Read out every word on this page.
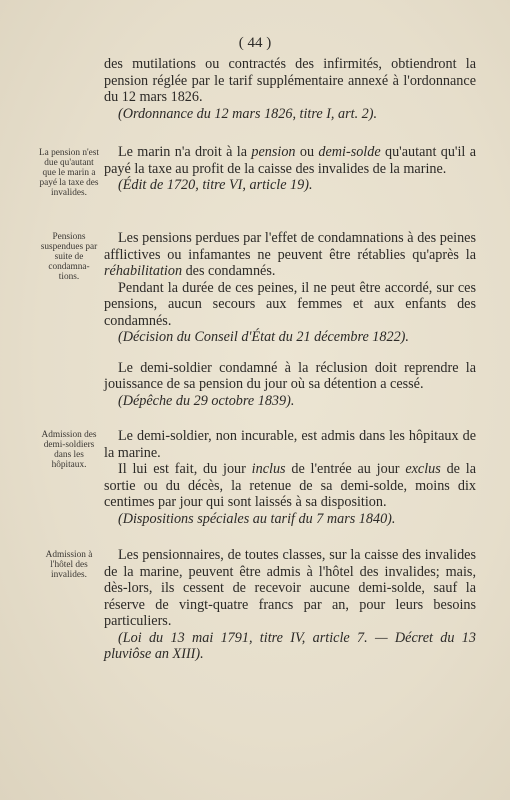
( 44 )

des mutilations ou contractés des infirmités, obtiendront la pension réglée par le tarif supplémentaire annexé à l'ordonnance du 12 mars 1826.

(Ordonnance du 12 mars 1826, titre I, art. 2).

La pension n'est due qu'autant que le marin a payé la taxe des invalides.

Le marin n'a droit à la pension ou demi-solde qu'autant qu'il a payé la taxe au profit de la caisse des invalides de la marine.

(Édit de 1720, titre VI, article 19).

Pensions suspendues par suite de condamna- tions.

Les pensions perdues par l'effet de condamnations à des peines afflictives ou infamantes ne peuvent être rétablies qu'après la réhabilitation des condamnés.

Pendant la durée de ces peines, il ne peut être accordé, sur ces pensions, aucun secours aux femmes et aux enfants des condamnés.

(Décision du Conseil d'État du 21 décembre 1822).

Le demi-soldier condamné à la réclusion doit reprendre la jouissance de sa pension du jour où sa détention a cessé.

(Dépêche du 29 octobre 1839).

Admission des demi-soldiers dans les hôpitaux.

Le demi-soldier, non incurable, est admis dans les hôpitaux de la marine.

Il lui est fait, du jour inclus de l'entrée au jour exclus de la sortie ou du décès, la retenue de sa demi-solde, moins dix centimes par jour qui sont laissés à sa disposition.

(Dispositions spéciales au tarif du 7 mars 1840).

Admission à l'hôtel des invalides.

Les pensionnaires, de toutes classes, sur la caisse des invalides de la marine, peuvent être admis à l'hôtel des invalides; mais, dès-lors, ils cessent de recevoir aucune demi-solde, sauf la réserve de vingt-quatre francs par an, pour leurs besoins particuliers.

(Loi du 13 mai 1791, titre IV, article 7. — Décret du 13 pluviôse an XIII).
